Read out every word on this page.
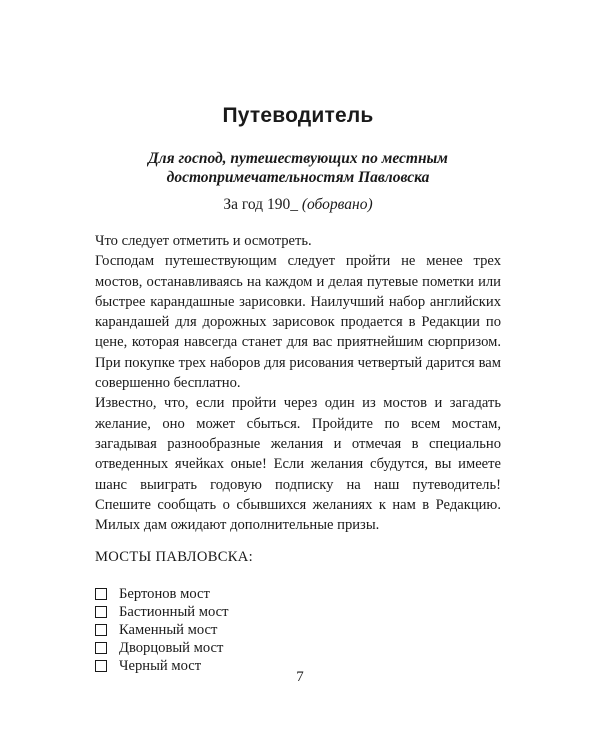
Путеводитель
Для господ, путешествующих по местным
достопримечательностям Павловска
За год 190_ (оборвано)

Что следует отметить и осмотреть.

Господам путешествующим следует пройти не менее трех мостов, останавливаясь на каждом и делая путевые пометки или быстрее карандашные зарисовки. Наилучший набор английских карандашей для дорожных зарисовок продается в Редакции по цене, которая навсегда станет для вас приятнейшим сюрпризом. При покупке трех наборов для рисования четвертый дарится вам совершенно бесплатно.

Известно, что, если пройти через один из мостов и загадать желание, оно может сбыться. Пройдите по всем мостам, загадывая разнообразные желания и отмечая в специально отведенных ячейках оные! Если желания сбудутся, вы имеете шанс выиграть годовую подписку на наш путеводитель! Спешите сообщать о сбывшихся желаниях к нам в Редакцию. Милых дам ожидают дополнительные призы.

МОСТЫ ПАВЛОВСКА:
Бертонов мост
Бастионный мост
Каменный мост
Дворцовый мост
Черный мост
7
